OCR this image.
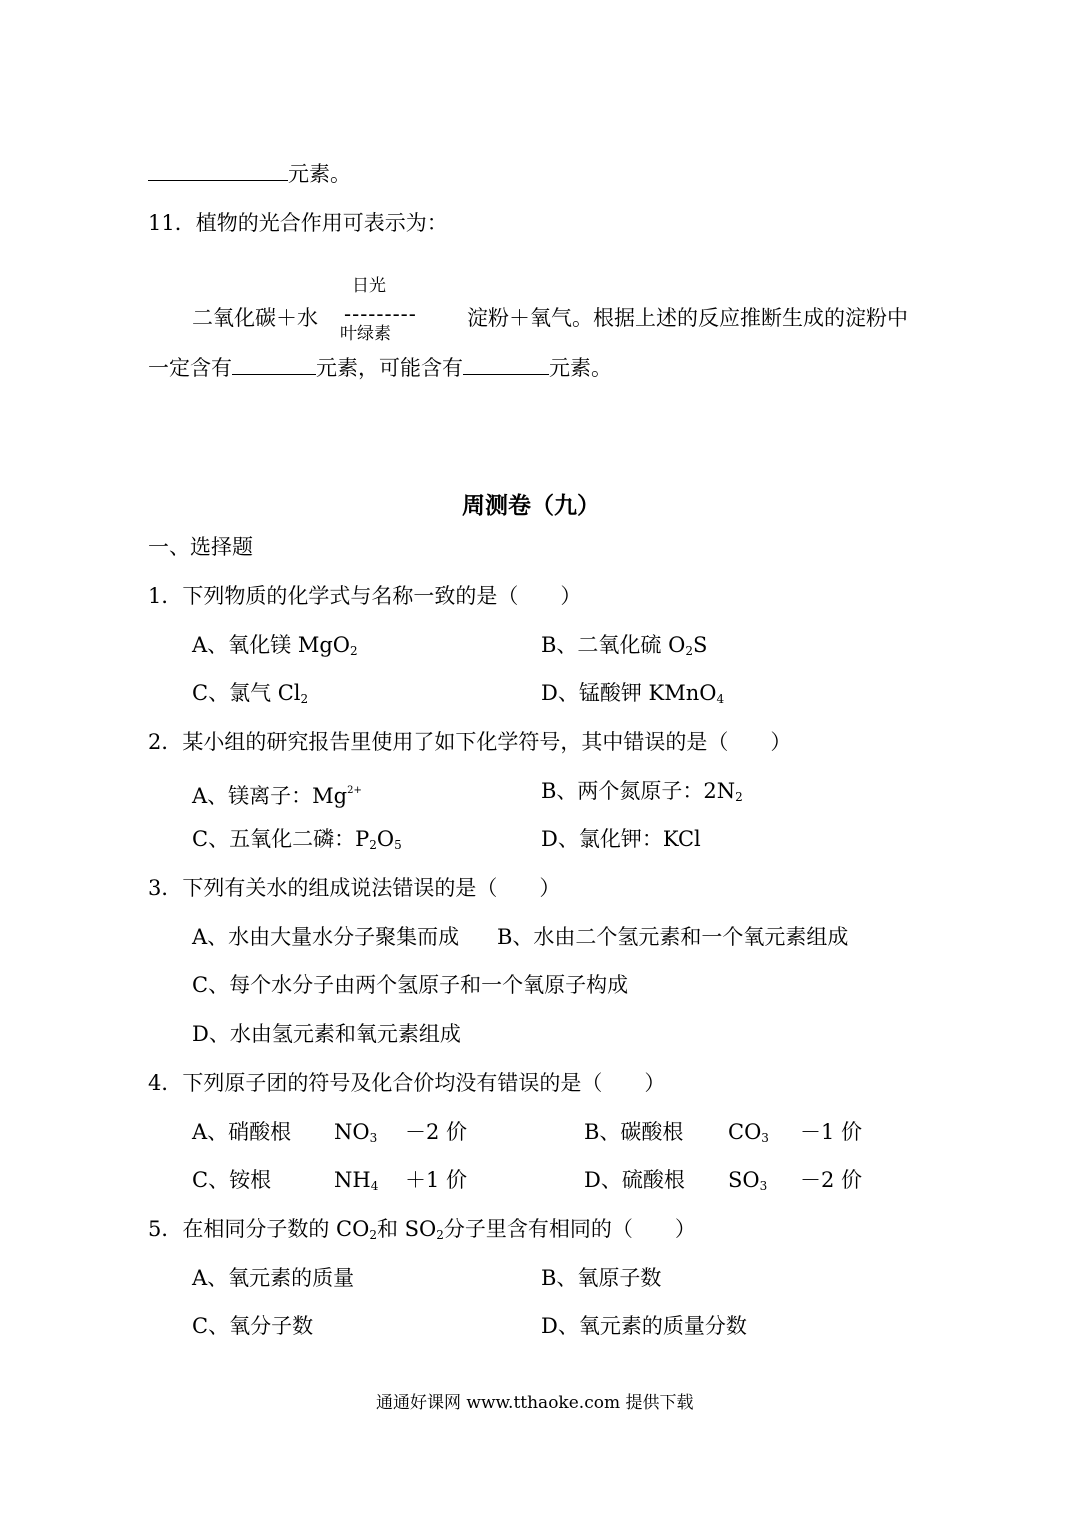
元素。
11．植物的光合作用可表示为：
日光
二氧化碳＋水 ---------
叶绿素
淀粉＋氧气。根据上述的反应推断生成的淀粉中
一定含有	元素，可能含有	元素。
周测卷（九）
一、选择题
1．下列物质的化学式与名称一致的是（　　）
A、氧化镁 MgO$_2$	B、二氧化硫 $O_2S$
C、氯气 $Cl_2$	D、锰酸钾 KMnO$_4$
2．某小组的研究报告里使用了如下化学符号，其中错误的是（　　）
A、镁离子：$Mg^{2+}$	B、两个氮原子：$2N_2$
C、五氧化二磷：$P_2O_5$	D、氯化钾：KCl
3．下列有关水的组成说法错误的是（　　）
A、水由大量水分子聚集而成 B、水由二个氢元素和一个氧元素组成
C、每个水分子由两个氢原子和一个氧原子构成
D、水由氢元素和氧元素组成
4．下列原子团的符号及化合价均没有错误的是（　　）
A、硝酸根 $NO_3 -2$ 价	B、碳酸根 $CO_3 -1$ 价
C、铵根	$NH_4 +1$ 价	D、硫酸根 $SO_3 -2$ 价
5．在相同分子数的 $CO_2$和 $SO_2$分子里含有相同的（　　）
A、氧元素的质量	B、氧原子数
C、氧分子数	D、氧元素的质量分数
通通好课网 www.tthaoke.com 提供下载
